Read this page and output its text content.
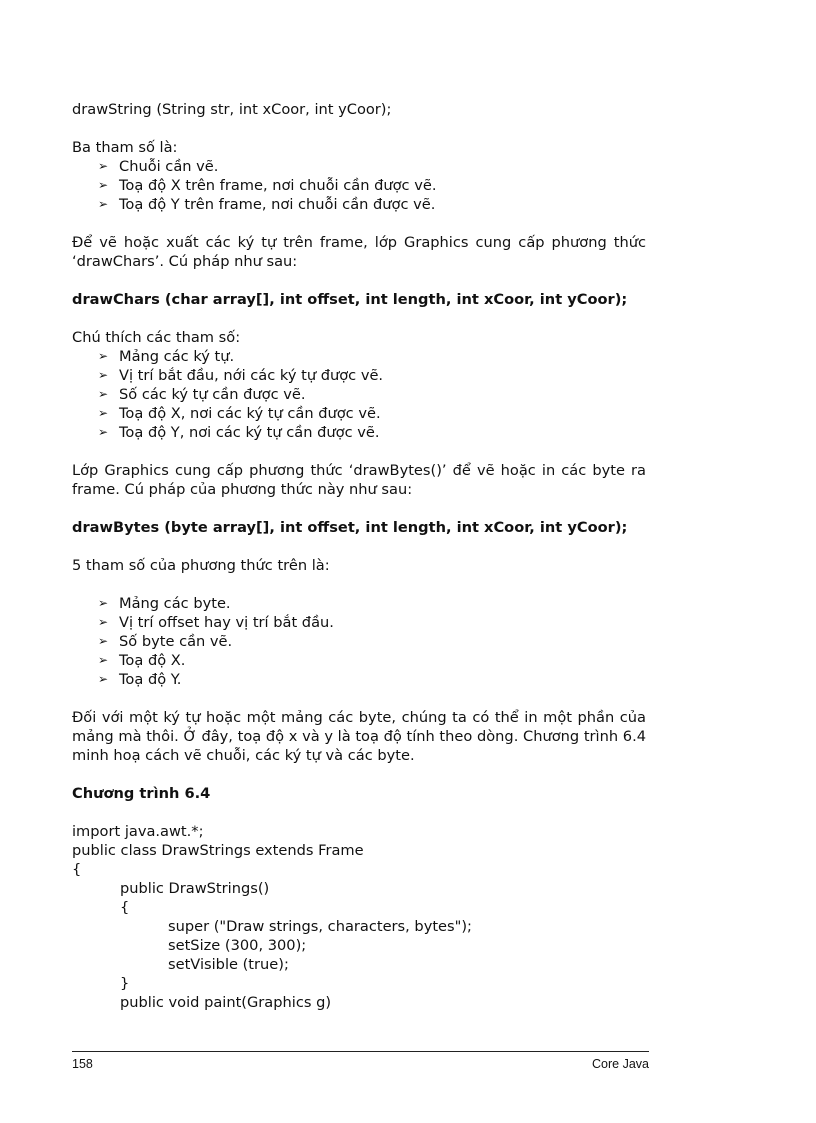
drawString (String str, int xCoor, int yCoor);

Ba tham số là:

➢ Chuỗi cần vẽ.
➢ Toạ độ X trên frame, nơi chuỗi cần được vẽ.
➢ Toạ độ Y trên frame, nơi chuỗi cần được vẽ.

Để vẽ hoặc xuất các ký tự trên frame, lớp Graphics cung cấp phương thức ‘drawChars’. Cú pháp như sau:

drawChars (char array[], int offset, int length, int xCoor, int yCoor);

Chú thích các tham số:

➢ Mảng các ký tự.
➢ Vị trí bắt đầu, nới các ký tự được vẽ.
➢ Số các ký tự cần được vẽ.
➢ Toạ độ X, nơi các ký tự cần được vẽ.
➢ Toạ độ Y, nơi các ký tự cần được vẽ.

Lớp Graphics cung cấp phương thức ‘drawBytes()’ để vẽ hoặc in các byte ra frame. Cú pháp của phương thức này như sau:

drawBytes (byte array[], int offset, int length, int xCoor, int yCoor);

5 tham số của phương thức trên là:

➢ Mảng các byte.
➢ Vị trí offset hay vị trí bắt đầu.
➢ Số byte cần vẽ.
➢ Toạ độ X.
➢ Toạ độ Y.

Đối với một ký tự hoặc một mảng các byte, chúng ta có thể in một phần của mảng mà thôi. Ở đây, toạ độ x và y là toạ độ tính theo dòng. Chương trình 6.4 minh hoạ cách vẽ chuỗi, các ký tự và các byte.

Chương trình 6.4

import java.awt.*;
public class DrawStrings extends Frame
{
public DrawStrings()
{
super ("Draw strings, characters, bytes");
setSize (300, 300);
setVisible (true);
}
public void paint(Graphics g)
158	Core Java
